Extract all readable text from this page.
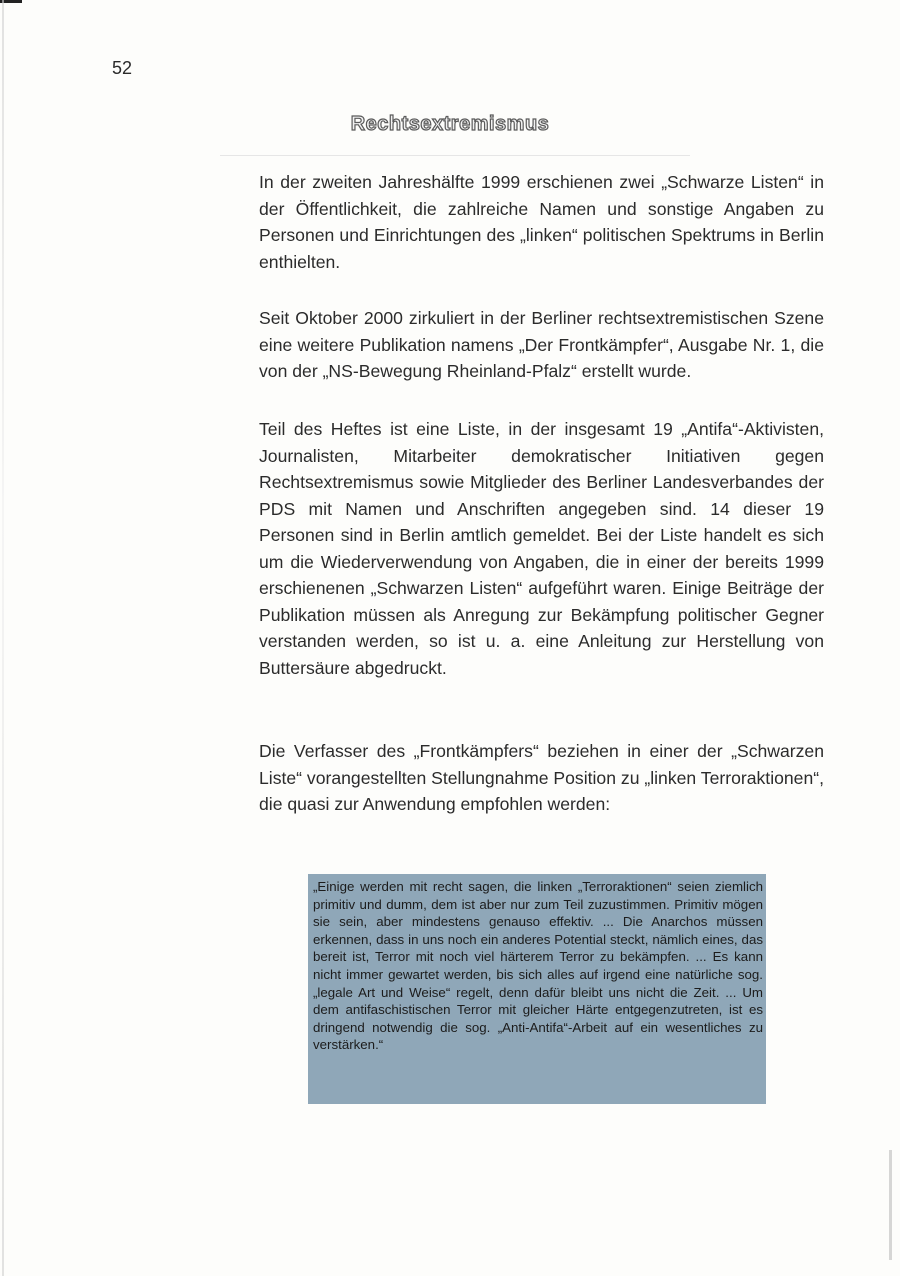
52
Rechtsextremismus

In der zweiten Jahreshälfte 1999 erschienen zwei „Schwarze Listen“ in der Öffentlichkeit, die zahlreiche Namen und sonstige Angaben zu Personen und Einrichtungen des „linken“ politischen Spektrums in Berlin enthielten.

Seit Oktober 2000 zirkuliert in der Berliner rechtsextremistischen Szene eine weitere Publikation namens „Der Frontkämpfer“, Ausgabe Nr. 1, die von der „NS-Bewegung Rheinland-Pfalz“ erstellt wurde.

Teil des Heftes ist eine Liste, in der insgesamt 19 „Antifa“-Aktivisten, Journalisten, Mitarbeiter demokratischer Initiativen gegen Rechtsextremismus sowie Mitglieder des Berliner Landesverbandes der PDS mit Namen und Anschriften angegeben sind. 14 dieser 19 Personen sind in Berlin amtlich gemeldet. Bei der Liste handelt es sich um die Wiederverwendung von Angaben, die in einer der bereits 1999 erschienenen „Schwarzen Listen“ aufgeführt waren. Einige Beiträge der Publikation müssen als Anregung zur Bekämpfung politischer Gegner verstanden werden, so ist u. a. eine Anleitung zur Herstellung von Buttersäure abgedruckt.

Die Verfasser des „Frontkämpfers“ beziehen in einer der „Schwarzen Liste“ vorangestellten Stellungnahme Position zu „linken Terroraktionen“, die quasi zur Anwendung empfohlen werden:

„Einige werden mit recht sagen, die linken „Terroraktionen“ seien ziemlich primitiv und dumm, dem ist aber nur zum Teil zuzustimmen. Primitiv mögen sie sein, aber mindestens genauso effektiv. ... Die Anarchos müssen erkennen, dass in uns noch ein anderes Potential steckt, nämlich eines, das bereit ist, Terror mit noch viel härterem Terror zu bekämpfen. ... Es kann nicht immer gewartet werden, bis sich alles auf irgend eine natürliche sog. „legale Art und Weise“ regelt, denn dafür bleibt uns nicht die Zeit. ... Um dem antifaschistischen Terror mit gleicher Härte entgegenzutreten, ist es dringend notwendig die sog. „Anti-Antifa“-Arbeit auf ein wesentliches zu verstärken.“
